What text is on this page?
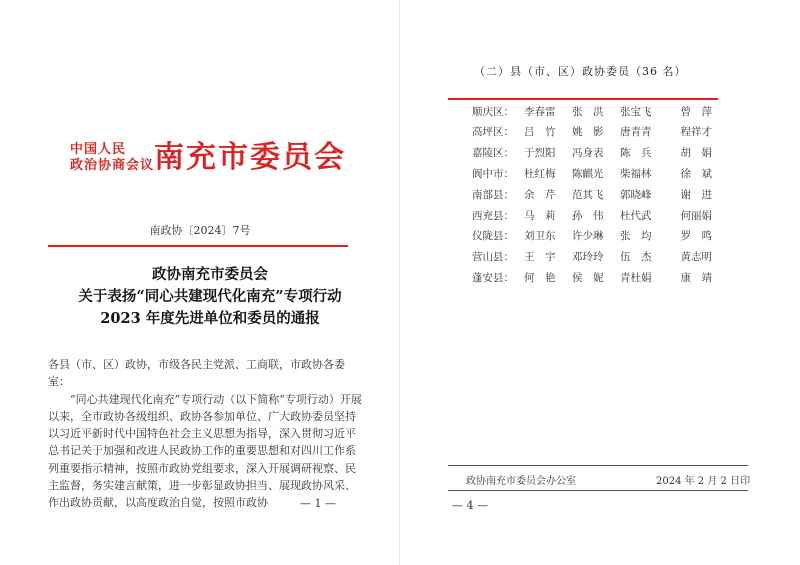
中国人民
政治协商会议 南充市委员会
南政协〔2024〕7号
政协南充市委员会
关于表扬“同心共建现代化南充”专项行动
2023 年度先进单位和委员的通报

各县（市、区）政协，市级各民主党派、工商联，市政协各委室：

“同心共建现代化南充”专项行动（以下简称“专项行动）开展以来，全市政协各级组织、政协各参加单位、广大政协委员坚持以习近平新时代中国特色社会主义思想为指导，深入贯彻习近平总书记关于加强和改进人民政协工作的重要思想和对四川工作系列重要指示精神，按照市政协党组要求，深入开展调研视察、民主监督，务实建言献策，进一步彰显政协担当、展现政协风采、作出政协贡献，以高度政治自觉，按照市政协	— 1 —
（二）县（市、区）政协委员（36 名）

顺庆区：	李春雷	张　洪	张宝飞	曾　萍
高坪区：	吕　竹	姚　影	唐青青	程祥才
嘉陵区：	于烈阳	冯身表	陈　兵	胡　娟
阆中市：	杜红梅	陈麒光	柴福林	徐　斌
南部县：	余　芹	范其飞	郭晓峰	谢　进
西充县：	马　莉	孙　伟	杜代武	何丽娟
仪陇县：	刘卫东	许少琳	张　均	罗　鸣
营山县：	王　宇	邓玲玲	伍　杰	黄志明
蓬安县：	何　艳	侯　妮	青杜娟	康　靖
政协南充市委员会办公室	2024 年 2 月 2 日印
— 4 —
